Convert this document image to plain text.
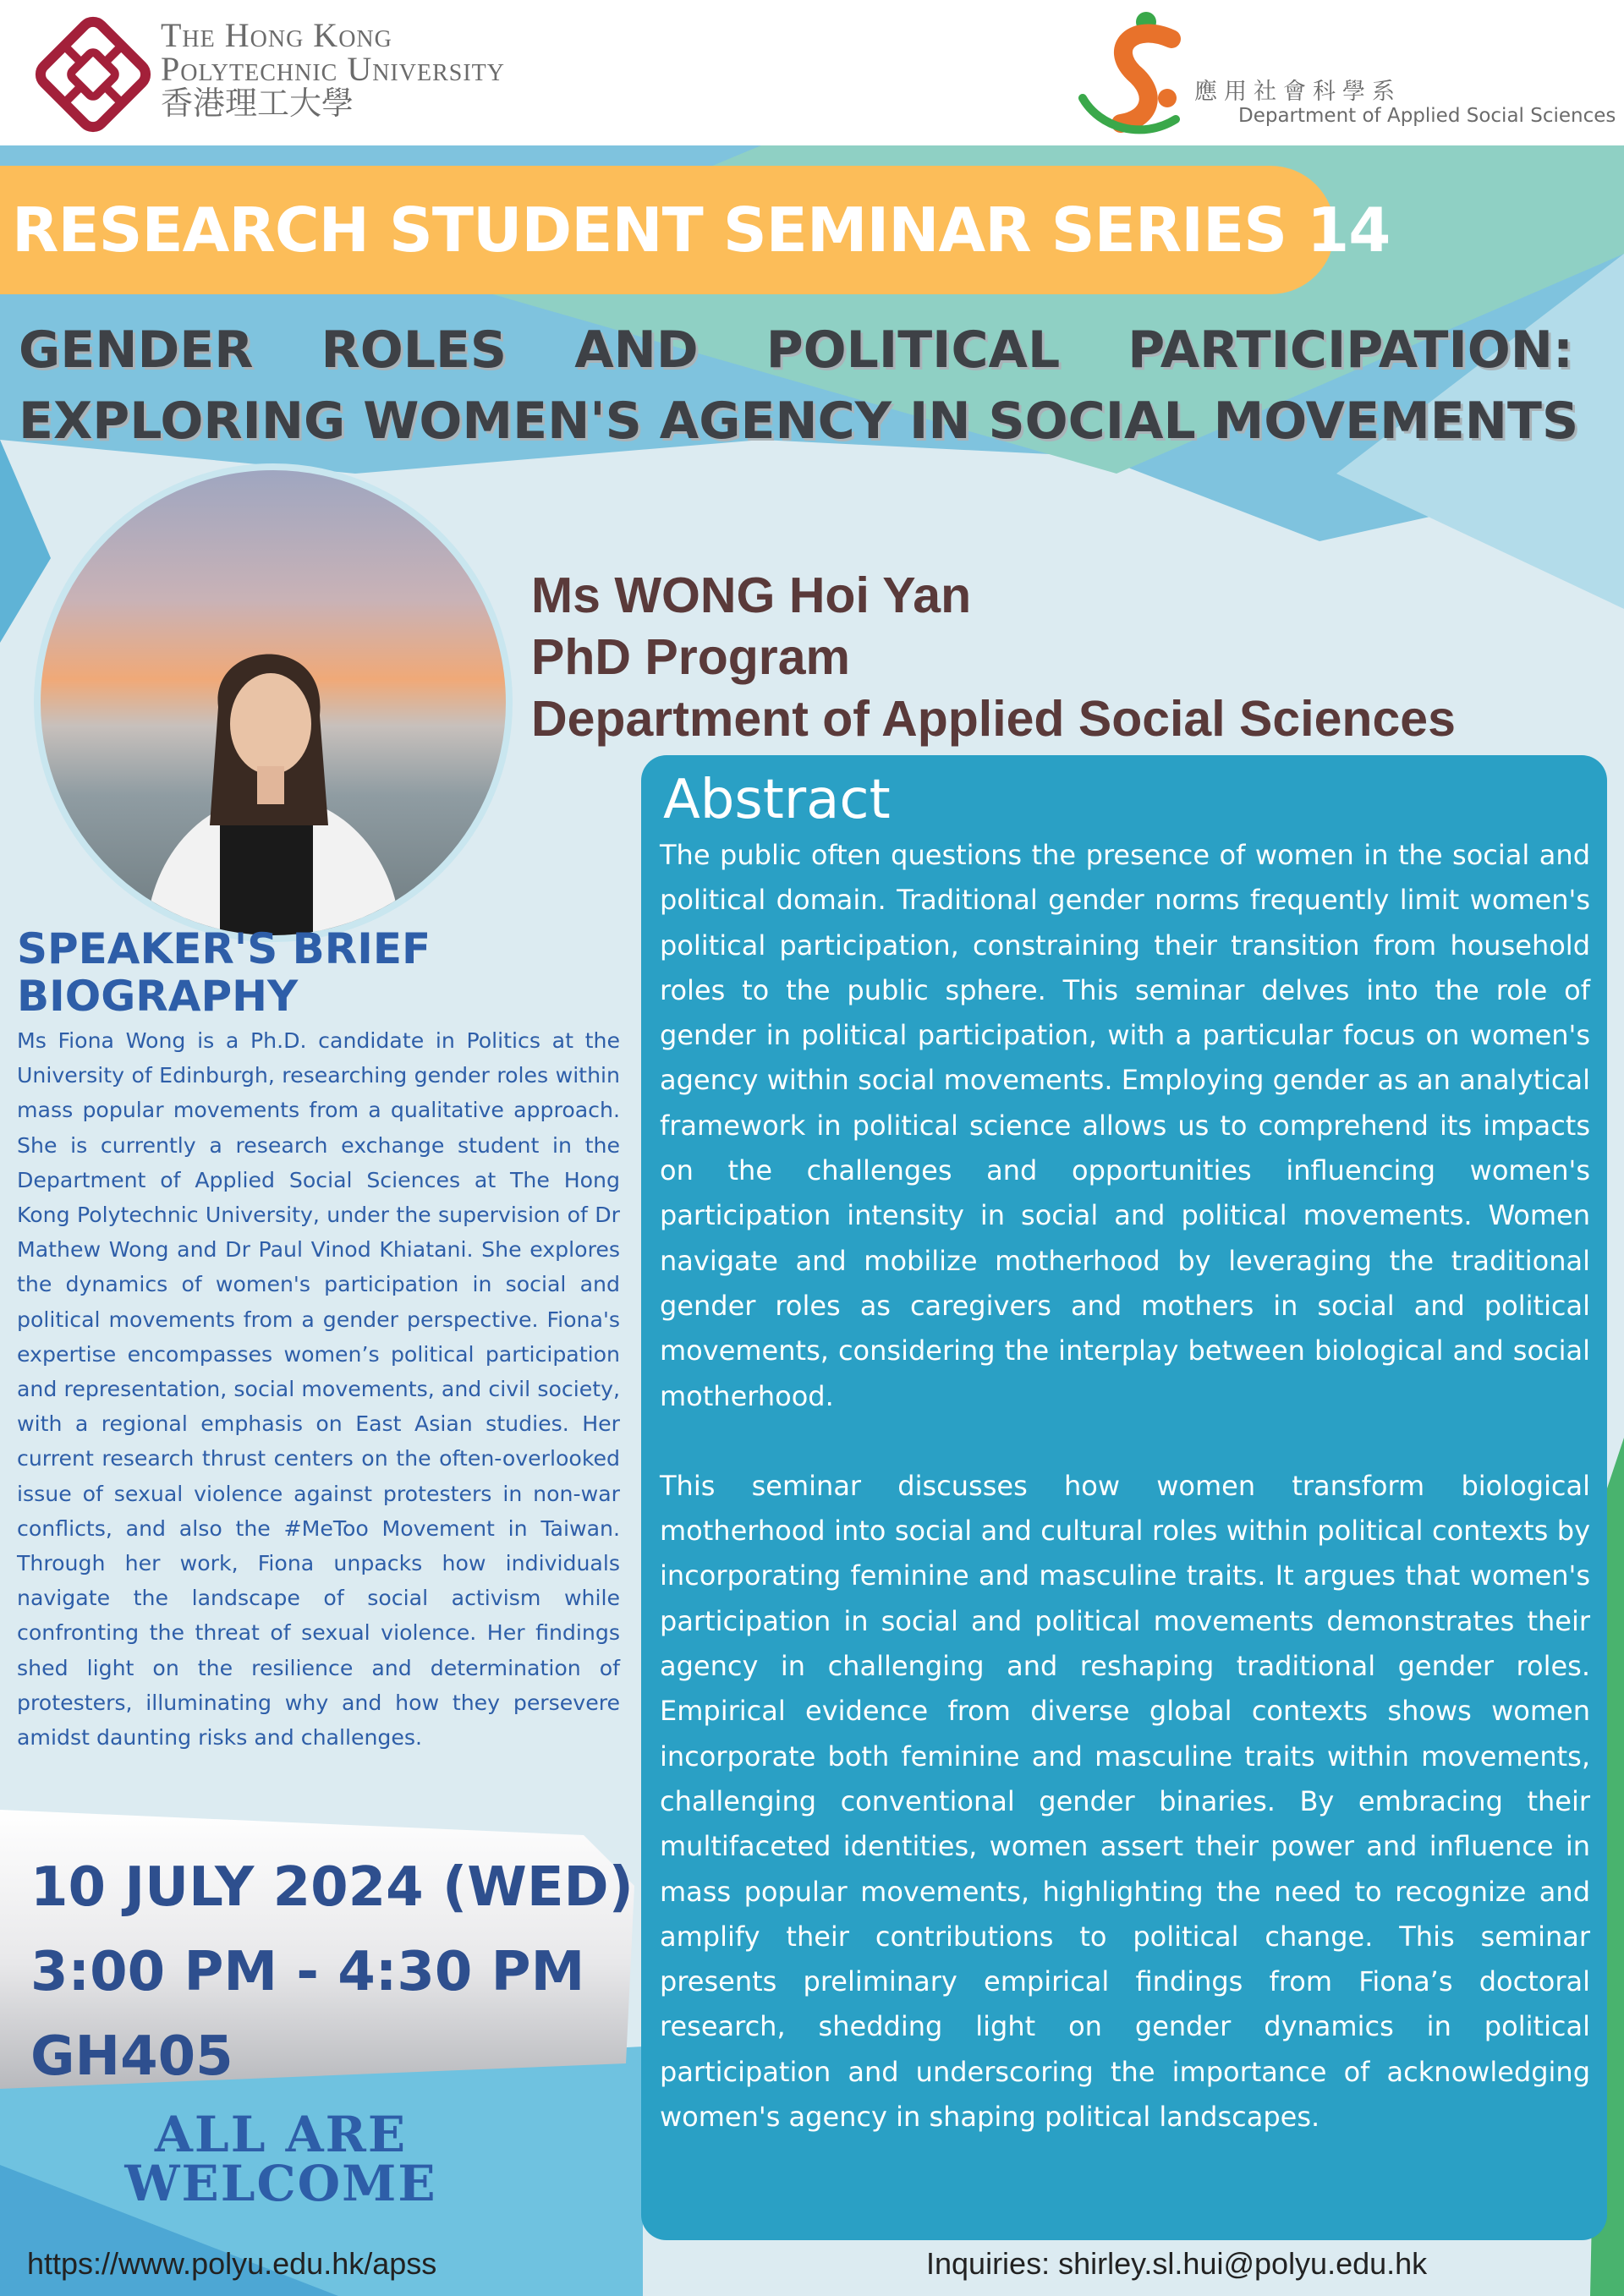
The Hong Kong
Polytechnic University
香港理工大學	應用社會科學系
Department of Applied Social Sciences
RESEARCH STUDENT SEMINAR SERIES 14
GENDER ROLES AND POLITICAL PARTICIPATION:
EXPLORING WOMEN'S AGENCY IN SOCIAL MOVEMENTS
Ms WONG Hoi Yan
PhD Program
Department of Applied Social Sciences
Abstract

The public often questions the presence of women in the social and political domain. Traditional gender norms frequently limit women's political participation, constraining their transition from household roles to the public sphere. This seminar delves into the role of gender in political participation, with a particular focus on women's agency within social movements. Employing gender as an analytical framework in political science allows us to comprehend its impacts on the challenges and opportunities influencing women's participation intensity in social and political movements. Women navigate and mobilize motherhood by leveraging the traditional gender roles as caregivers and mothers in social and political movements, considering the interplay between biological and social motherhood.

This seminar discusses how women transform biological motherhood into social and cultural roles within political contexts by incorporating feminine and masculine traits. It argues that women's participation in social and political movements demonstrates their agency in challenging and reshaping traditional gender roles. Empirical evidence from diverse global contexts shows women incorporate both feminine and masculine traits within movements, challenging conventional gender binaries. By embracing their multifaceted identities, women assert their power and influence in mass popular movements, highlighting the need to recognize and amplify their contributions to political change. This seminar presents preliminary empirical findings from Fiona’s doctoral research, shedding light on gender dynamics in political participation and underscoring the importance of acknowledging women's agency in shaping political landscapes.

SPEAKER'S BRIEF
BIOGRAPHY
Ms Fiona Wong is a Ph.D. candidate in Politics at the University of Edinburgh, researching gender roles within mass popular movements from a qualitative approach. She is currently a research exchange student in the Department of Applied Social Sciences at The Hong Kong Polytechnic University, under the supervision of Dr Mathew Wong and Dr Paul Vinod Khiatani. She explores the dynamics of women's participation in social and political movements from a gender perspective. Fiona's expertise encompasses women’s political participation and representation, social movements, and civil society, with a regional emphasis on East Asian studies. Her current research thrust centers on the often-overlooked issue of sexual violence against protesters in non-war conflicts, and also the #MeToo Movement in Taiwan. Through her work, Fiona unpacks how individuals navigate the landscape of social activism while confronting the threat of sexual violence. Her findings shed light on the resilience and determination of protesters, illuminating why and how they persevere amidst daunting risks and challenges.
10 JULY 2024 (WED)
3:00 PM - 4:30 PM
GH405
ALL ARE
WELCOME
https://www.polyu.edu.hk/apss	Inquiries: shirley.sl.hui@polyu.edu.hk
